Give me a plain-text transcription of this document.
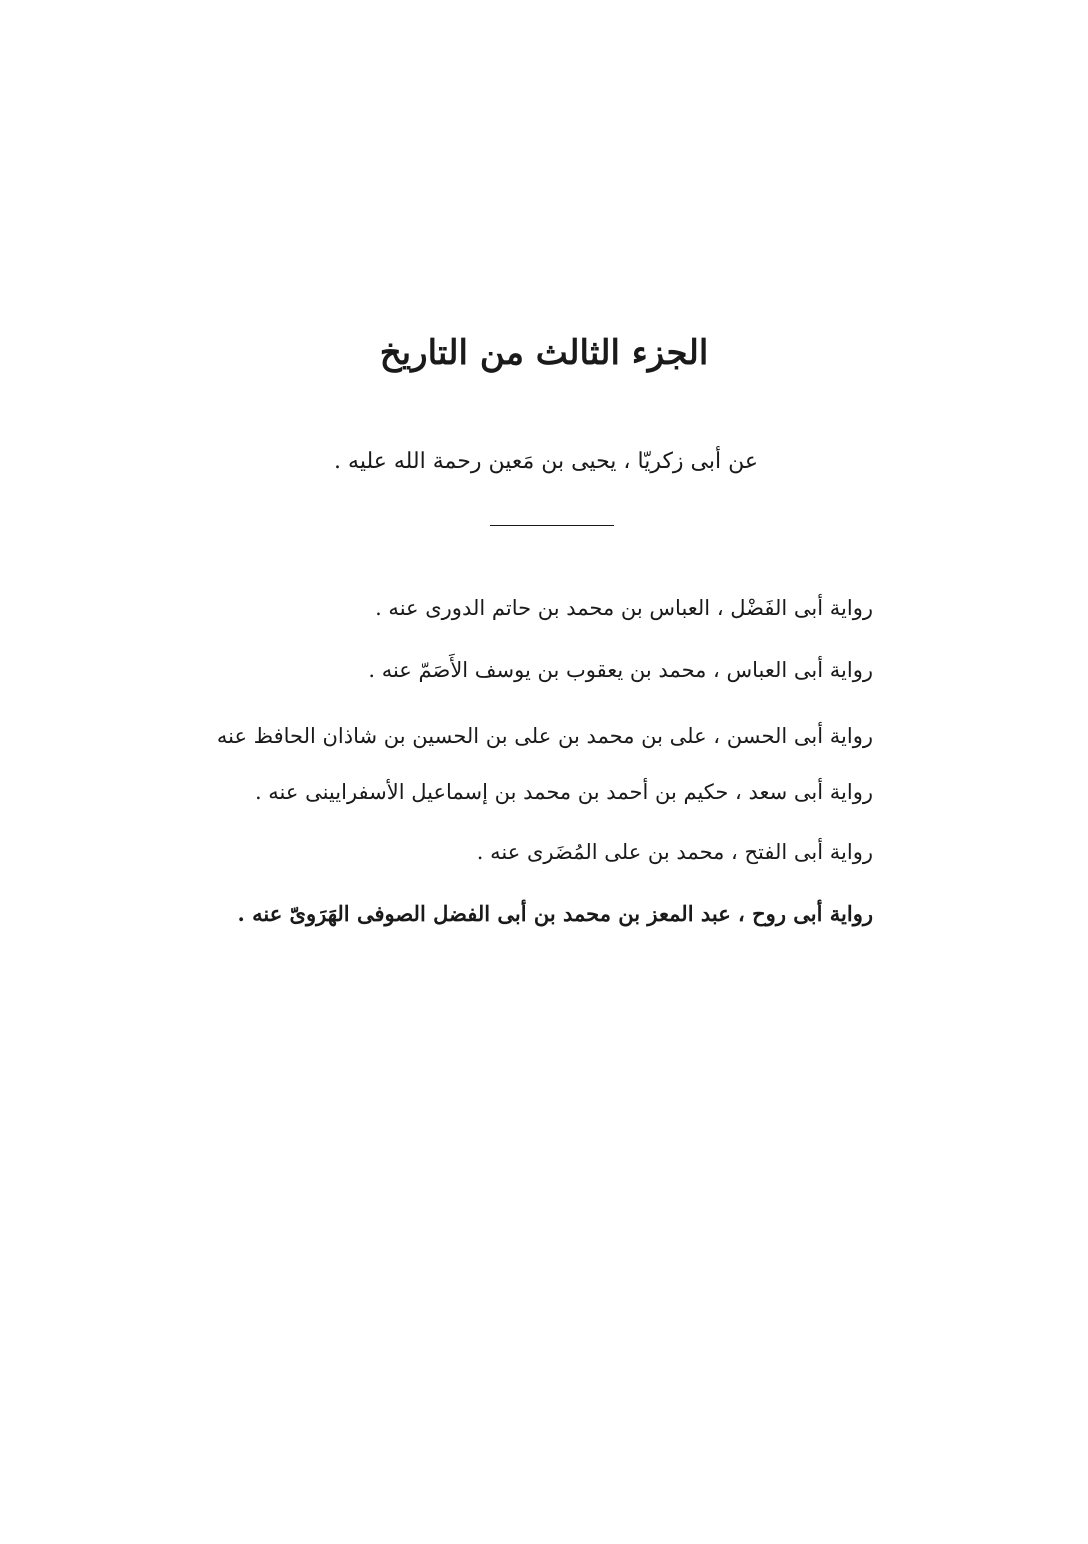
الجزء الثالث من التاريخ
عن أبى زكريّا ، يحيى بن مَعين رحمة الله عليه .
رواية أبى الفَضْل ، العباس بن محمد بن حاتم الدورى عنه .
رواية أبى العباس ، محمد بن يعقوب بن يوسف الأَصَمّ عنه .
رواية أبى الحسن ، على بن محمد بن على بن الحسين بن شاذان الحافظ عنه
رواية أبى سعد ، حكيم بن أحمد بن محمد بن إسماعيل الأسفرايينى عنه .
رواية أبى الفتح ، محمد بن على المُضَرى عنه .
رواية أبى روح ، عبد المعز بن محمد بن أبى الفضل الصوفى الهَرَوىّ عنه .
